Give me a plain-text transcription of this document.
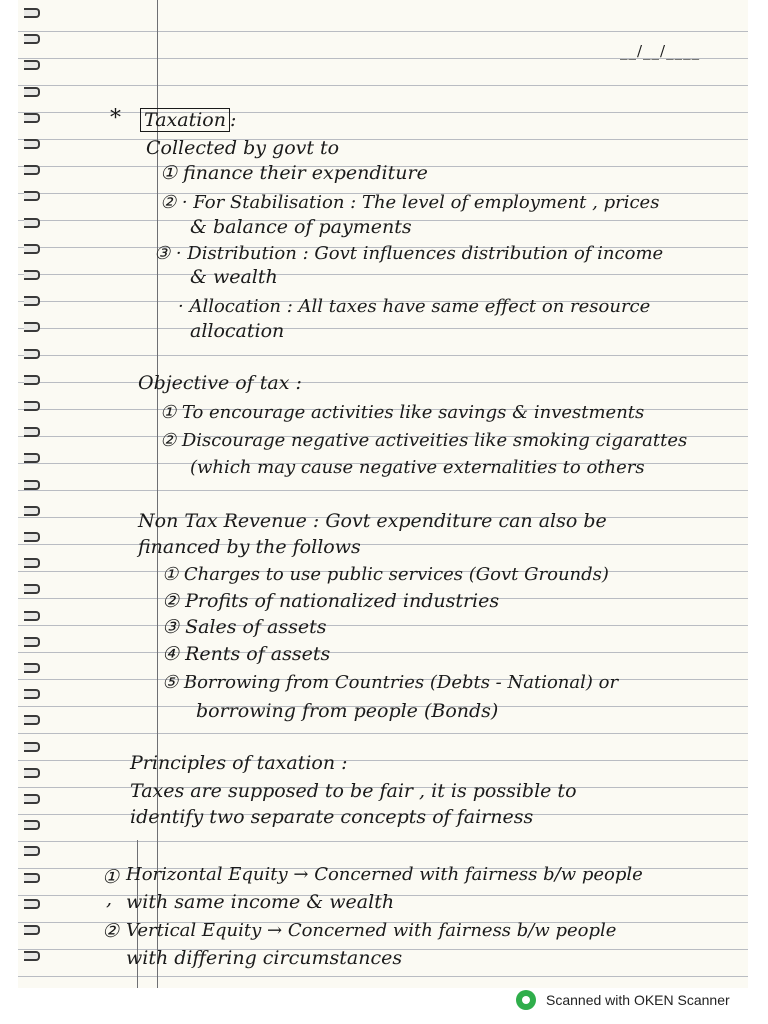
__/__/____
* Taxation :
Collected by govt to
① finance their expenditure
② · For Stabilisation : The level of employment , prices
& balance of payments
③ · Distribution : Govt influences distribution of income
& wealth
· Allocation : All taxes have same effect on resource
allocation
Objective of tax :
① To encourage activities like savings & investments
② Discourage negative activeities like smoking cigarattes
(which may cause negative externalities to others
Non Tax Revenue : Govt expenditure can also be
financed by the follows
① Charges to use public services (Govt Grounds)
② Profits of nationalized industries
③ Sales of assets
④ Rents of assets
⑤ Borrowing from Countries (Debts - National) or
borrowing from people (Bonds)
Principles of taxation :
Taxes are supposed to be fair , it is possible to
identify two separate concepts of fairness
① Horizontal Equity → Concerned with fairness b/w people
, with same income & wealth
② Vertical Equity → Concerned with fairness b/w people
with differing circumstances
Scanned with OKEN Scanner
